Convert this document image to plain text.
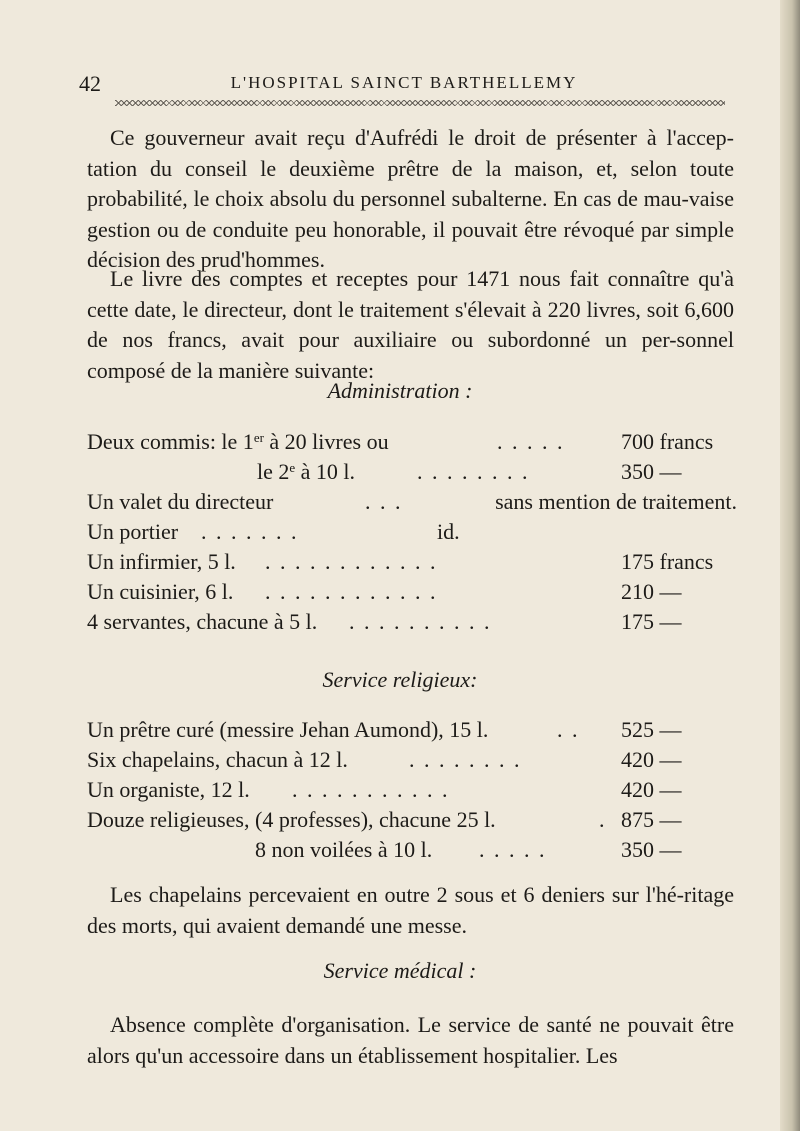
42	L'HOSPITAL SAINCT BARTHELLEMY
Ce gouverneur avait reçu d'Aufrédi le droit de présenter à l'accep-tation du conseil le deuxième prêtre de la maison, et, selon toute probabilité, le choix absolu du personnel subalterne. En cas de mau-vaise gestion ou de conduite peu honorable, il pouvait être révoqué par simple décision des prud'hommes.
Le livre des comptes et receptes pour 1471 nous fait connaître qu'à cette date, le directeur, dont le traitement s'élevait à 220 livres, soit 6,600 de nos francs, avait pour auxiliaire ou subordonné un per-sonnel composé de la manière suivante:
Administration :
Deux commis: le 1er à 20 livres ou	. . . . .	700 francs
le 2e à 10 l.	. . . . . . . .	350 —
Un valet du directeur	. . .	sans mention de traitement.
Un portier . . . . . . .	id.
Un infirmier, 5 l. . . . . . . . . . . . .	175 francs
Un cuisinier, 6 l. . . . . . . . . . . . .	210 —
4 servantes, chacune à 5 l. . . . . . . . . . .	175 —
Service religieux:
Un prêtre curé (messire Jehan Aumond), 15 l.	. . 525 —
Six chapelains, chacun à 12 l.	. . . . . . . .	420 —
Un organiste, 12 l. . . . . . . . . . . .	420 —
Douze religieuses, (4 professes), chacune 25 l.	. 875 —
8 non voilées à 10 l. . . . . .	350 —
Les chapelains percevaient en outre 2 sous et 6 deniers sur l'hé-ritage des morts, qui avaient demandé une messe.
Service médical :
Absence complète d'organisation. Le service de santé ne pouvait être alors qu'un accessoire dans un établissement hospitalier. Les
